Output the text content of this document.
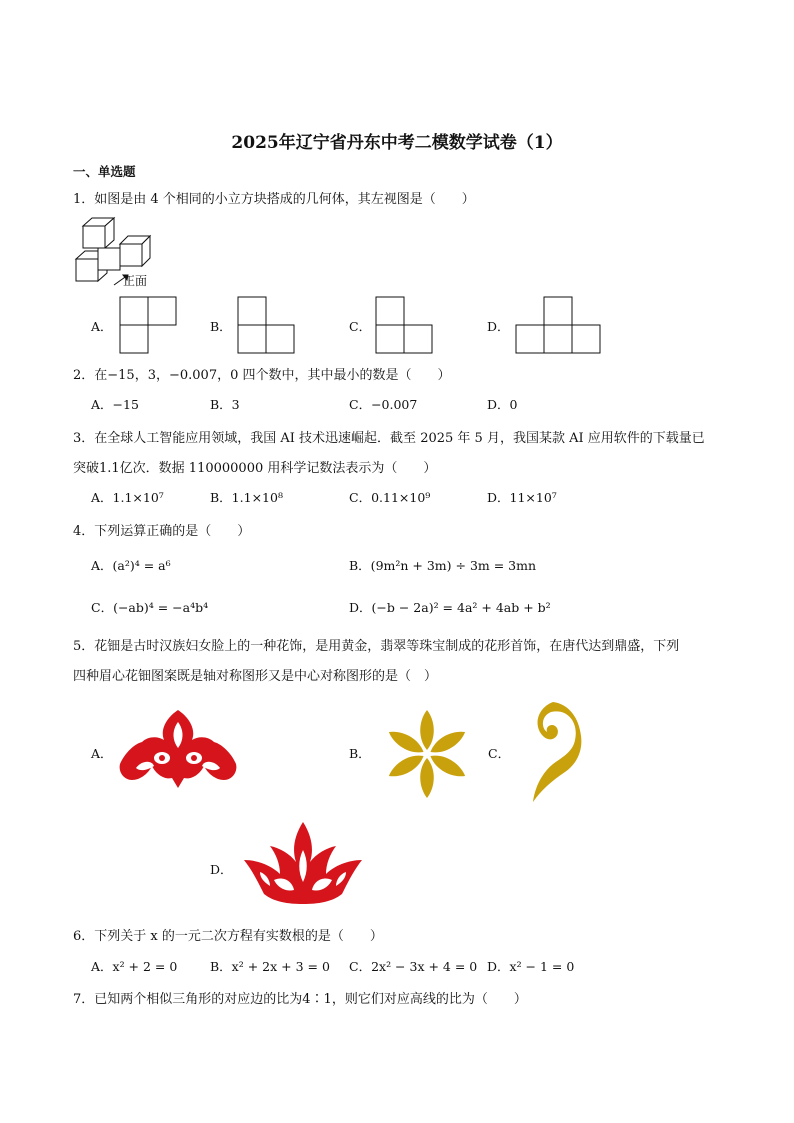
2025年辽宁省丹东中考二模数学试卷（1）
一、单选题
1．如图是由 4 个相同的小立方块搭成的几何体，其左视图是（　　）
正面
A．	B．	C．	D．
2．在−15，3，−0.007，0 四个数中，其中最小的数是（　　）
A．−15	B．3	C．−0.007	D．0
3．在全球人工智能应用领域，我国 AI 技术迅速崛起．截至 2025 年 5 月，我国某款 AI 应用软件的下载量已
突破1.1亿次．数据 110000000 用科学记数法表示为（　　）
A．1.1×10⁷	B．1.1×10⁸	C．0.11×10⁹	D．11×10⁷
4．下列运算正确的是（　　）
A．(a²)⁴ = a⁶	B．(9m²n + 3m) ÷ 3m = 3mn
C．(−ab)⁴ = −a⁴b⁴	D．(−b − 2a)² = 4a² + 4ab + b²
5．花钿是古时汉族妇女脸上的一种花饰，是用黄金，翡翠等珠宝制成的花形首饰，在唐代达到鼎盛，下列
四种眉心花钿图案既是轴对称图形又是中心对称图形的是（　）
A．	B．	C．
D．
6．下列关于 x 的一元二次方程有实数根的是（　　）
A．x² + 2 = 0	B．x² + 2x + 3 = 0 C．2x² − 3x + 4 = 0 D．x² − 1 = 0
7．已知两个相似三角形的对应边的比为4∶1，则它们对应高线的比为（　　）
